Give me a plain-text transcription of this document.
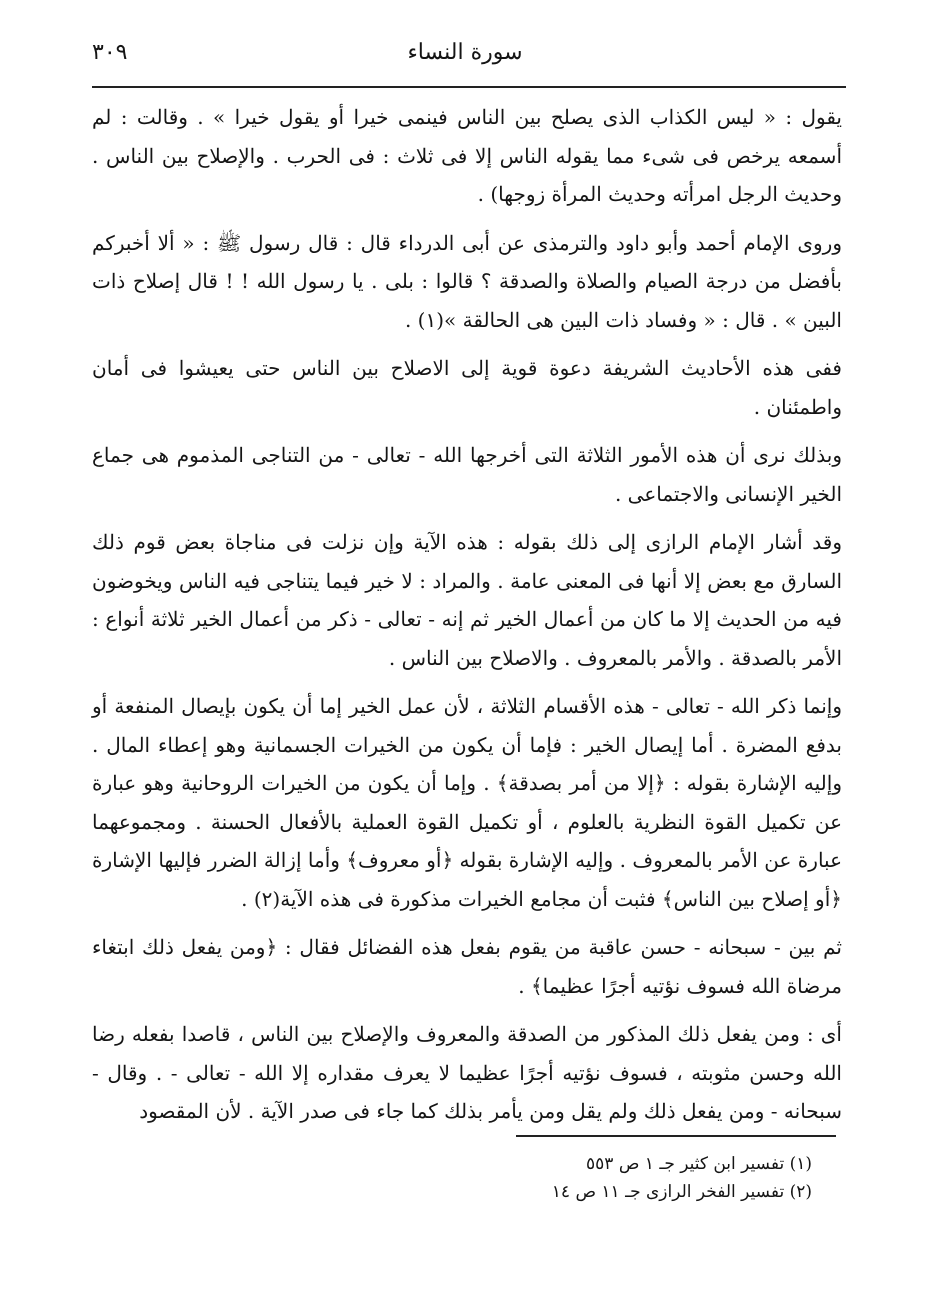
٣٠٩	سورة النساء

يقول : « ليس الكذاب الذى يصلح بين الناس فينمى خيرا أو يقول خيرا » . وقالت : لم أسمعه يرخص فى شىء مما يقوله الناس إلا فى ثلاث : فى الحرب . والإصلاح بين الناس . وحديث الرجل امرأته وحديث المرأة زوجها) .

وروى الإمام أحمد وأبو داود والترمذى عن أبى الدرداء قال : قال رسول ﷺ : « ألا أخبركم بأفضل من درجة الصيام والصلاة والصدقة ؟ قالوا : بلى . يا رسول الله ! ! قال إصلاح ذات البين » . قال : « وفساد ذات البين هى الحالقة »(١) .

ففى هذه الأحاديث الشريفة دعوة قوية إلى الاصلاح بين الناس حتى يعيشوا فى أمان واطمئنان .

وبذلك نرى أن هذه الأمور الثلاثة التى أخرجها الله - تعالى - من التناجى المذموم هى جماع الخير الإنسانى والاجتماعى .

وقد أشار الإمام الرازى إلى ذلك بقوله : هذه الآية وإن نزلت فى مناجاة بعض قوم ذلك السارق مع بعض إلا أنها فى المعنى عامة . والمراد : لا خير فيما يتناجى فيه الناس ويخوضون فيه من الحديث إلا ما كان من أعمال الخير ثم إنه - تعالى - ذكر من أعمال الخير ثلاثة أنواع : الأمر بالصدقة . والأمر بالمعروف . والاصلاح بين الناس .

وإنما ذكر الله - تعالى - هذه الأقسام الثلاثة ، لأن عمل الخير إما أن يكون بإيصال المنفعة أو بدفع المضرة . أما إيصال الخير : فإما أن يكون من الخيرات الجسمانية وهو إعطاء المال . وإليه الإشارة بقوله : ﴿إلا من أمر بصدقة﴾ . وإما أن يكون من الخيرات الروحانية وهو عبارة عن تكميل القوة النظرية بالعلوم ، أو تكميل القوة العملية بالأفعال الحسنة . ومجموعهما عبارة عن الأمر بالمعروف . وإليه الإشارة بقوله ﴿أو معروف﴾ وأما إزالة الضرر فإليها الإشارة ﴿أو إصلاح بين الناس﴾ فثبت أن مجامع الخيرات مذكورة فى هذه الآية(٢) .

ثم بين - سبحانه - حسن عاقبة من يقوم بفعل هذه الفضائل فقال : ﴿ومن يفعل ذلك ابتغاء مرضاة الله فسوف نؤتيه أجرًا عظيما﴾ .

أى : ومن يفعل ذلك المذكور من الصدقة والمعروف والإصلاح بين الناس ، قاصدا بفعله رضا الله وحسن مثوبته ، فسوف نؤتيه أجرًا عظيما لا يعرف مقداره إلا الله - تعالى - . وقال - سبحانه - ومن يفعل ذلك ولم يقل ومن يأمر بذلك كما جاء فى صدر الآية . لأن المقصود

(١) تفسير ابن كثير جـ ١ ص ٥٥٣

(٢) تفسير الفخر الرازى جـ ١١ ص ١٤
